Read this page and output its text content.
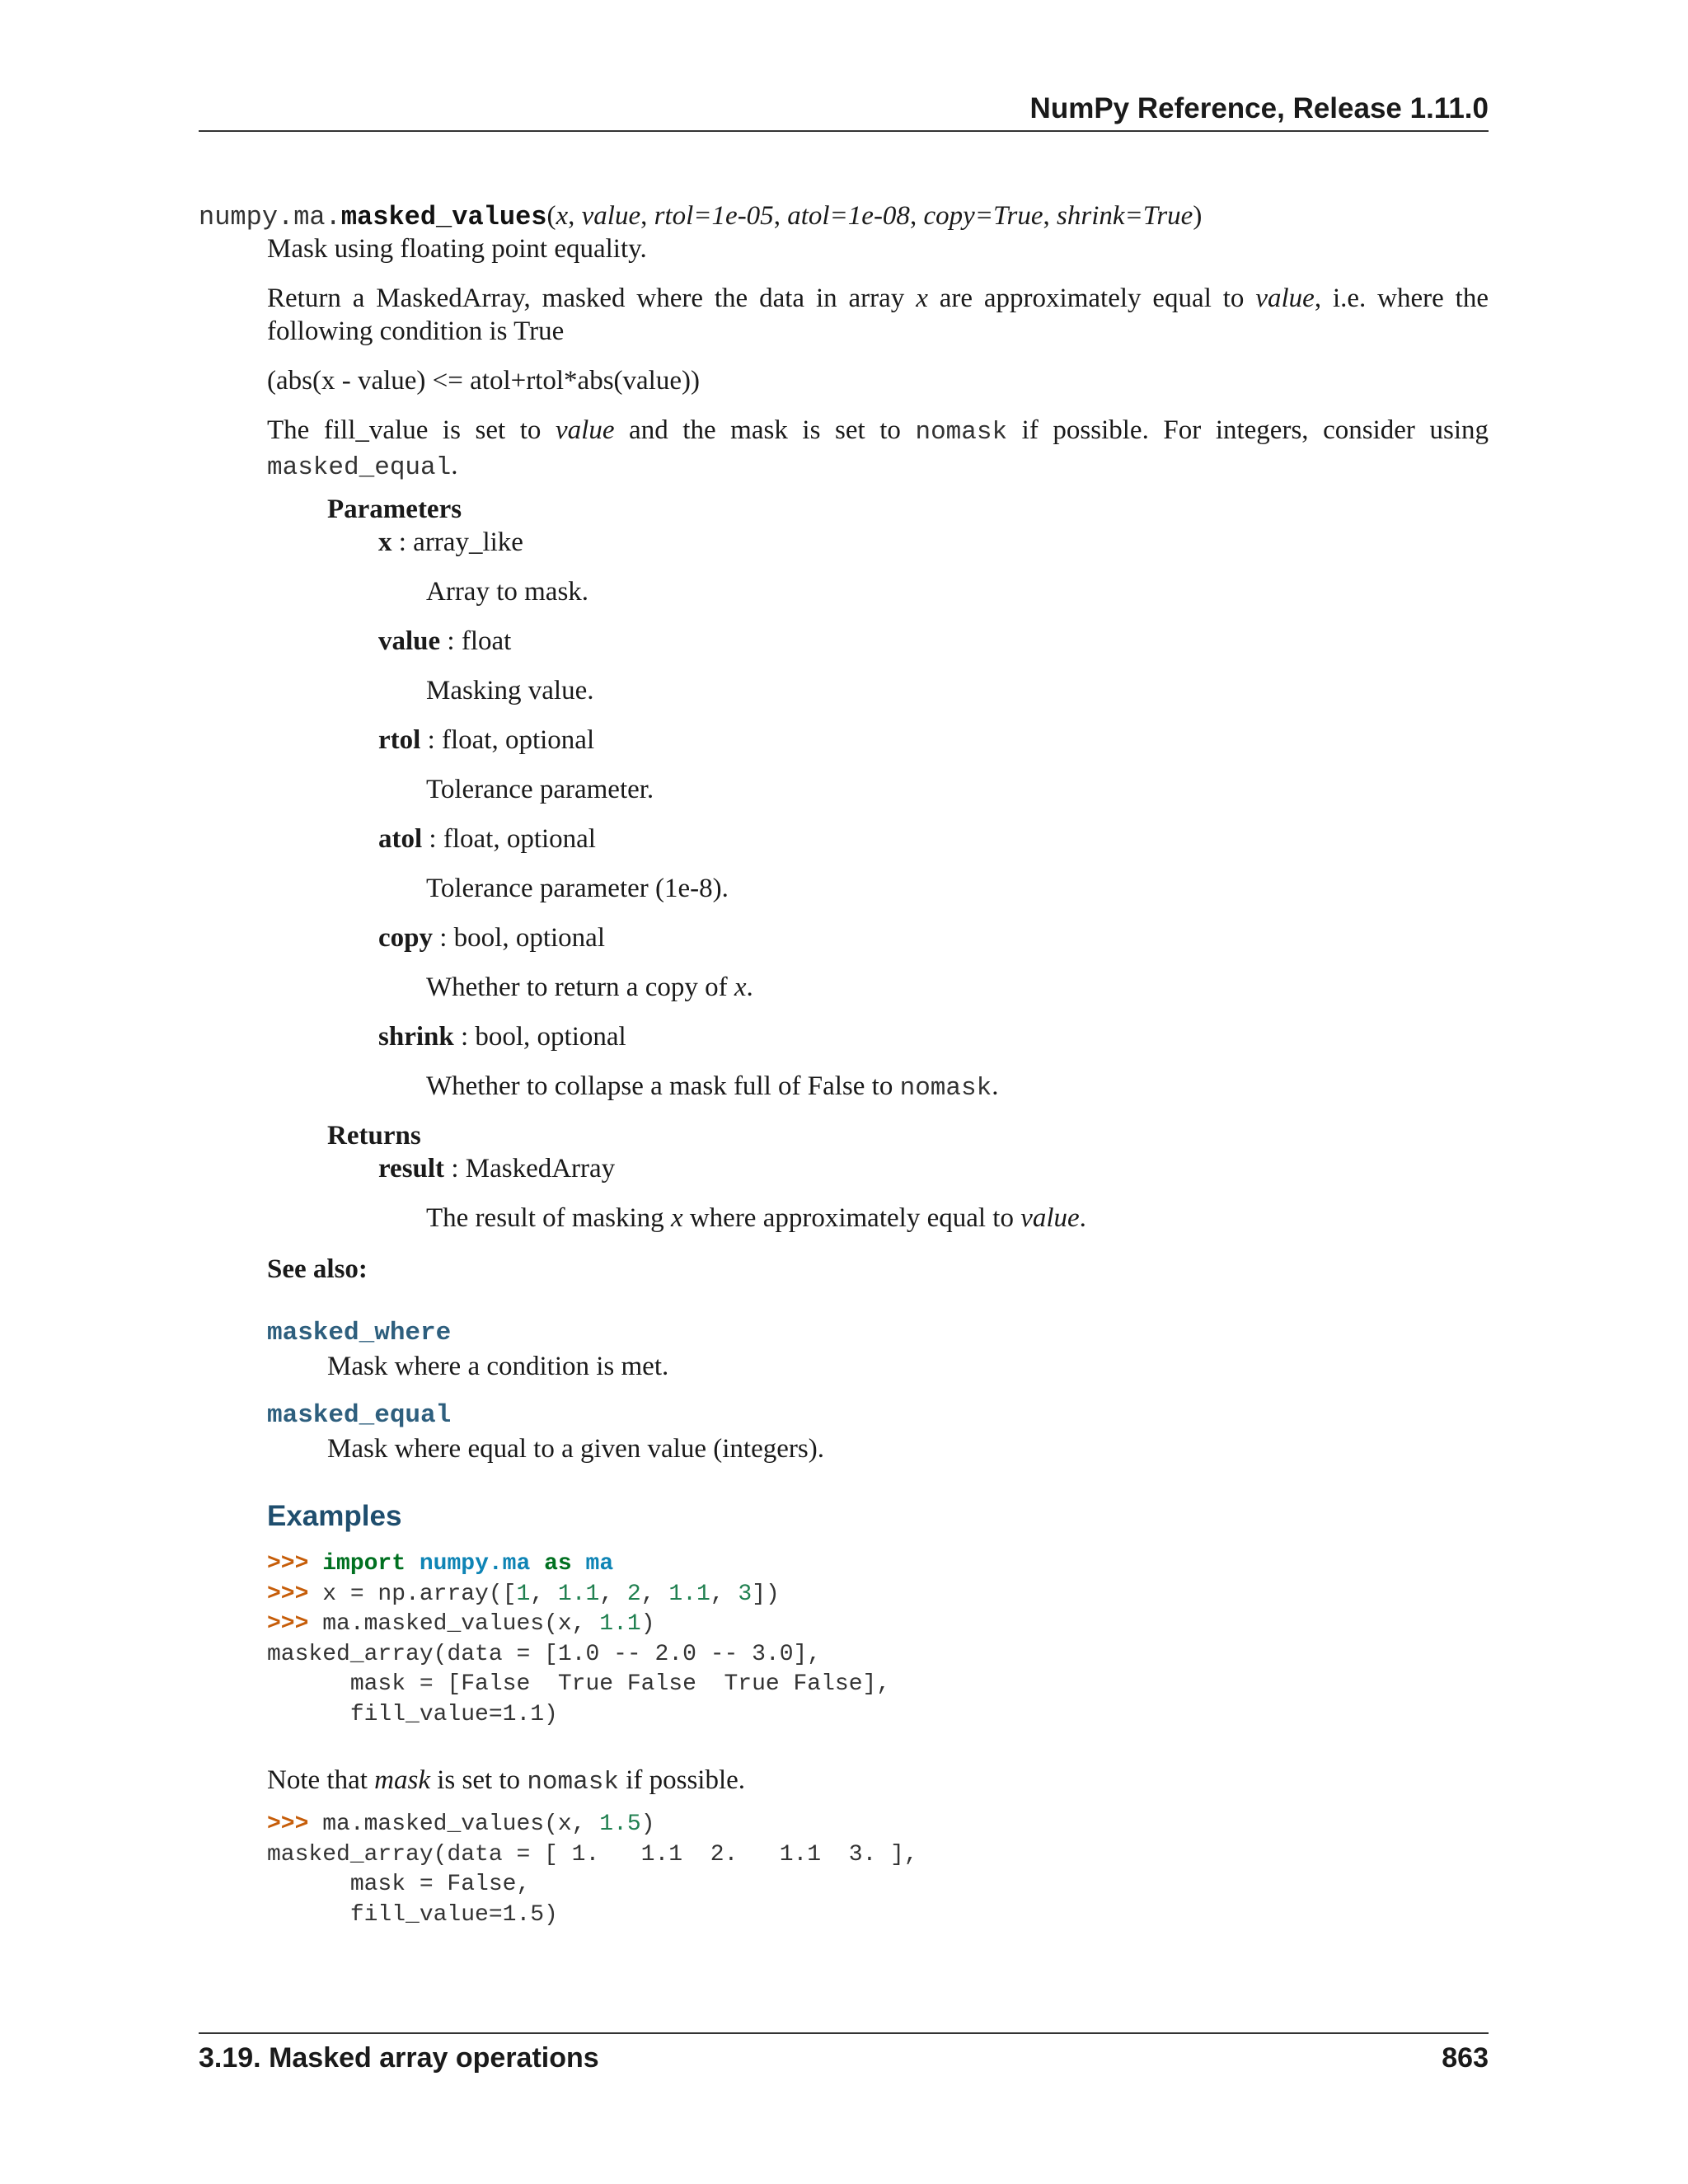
NumPy Reference, Release 1.11.0
numpy.ma.masked_values(x, value, rtol=1e-05, atol=1e-08, copy=True, shrink=True)
Mask using floating point equality.
Return a MaskedArray, masked where the data in array x are approximately equal to value, i.e. where the following condition is True
(abs(x - value) <= atol+rtol*abs(value))
The fill_value is set to value and the mask is set to nomask if possible. For integers, consider using masked_equal.
Parameters
x : array_like
Array to mask.
value : float
Masking value.
rtol : float, optional
Tolerance parameter.
atol : float, optional
Tolerance parameter (1e-8).
copy : bool, optional
Whether to return a copy of x.
shrink : bool, optional
Whether to collapse a mask full of False to nomask.
Returns
result : MaskedArray
The result of masking x where approximately equal to value.
See also:
masked_where
Mask where a condition is met.
masked_equal
Mask where equal to a given value (integers).
Examples
>>> import numpy.ma as ma
>>> x = np.array([1, 1.1, 2, 1.1, 3])
>>> ma.masked_values(x, 1.1)
masked_array(data = [1.0 -- 2.0 -- 3.0],
mask = [False  True False  True False],
fill_value=1.1)
Note that mask is set to nomask if possible.
>>> ma.masked_values(x, 1.5)
masked_array(data = [ 1.   1.1  2.   1.1  3. ],
mask = False,
fill_value=1.5)
3.19. Masked array operations	863
